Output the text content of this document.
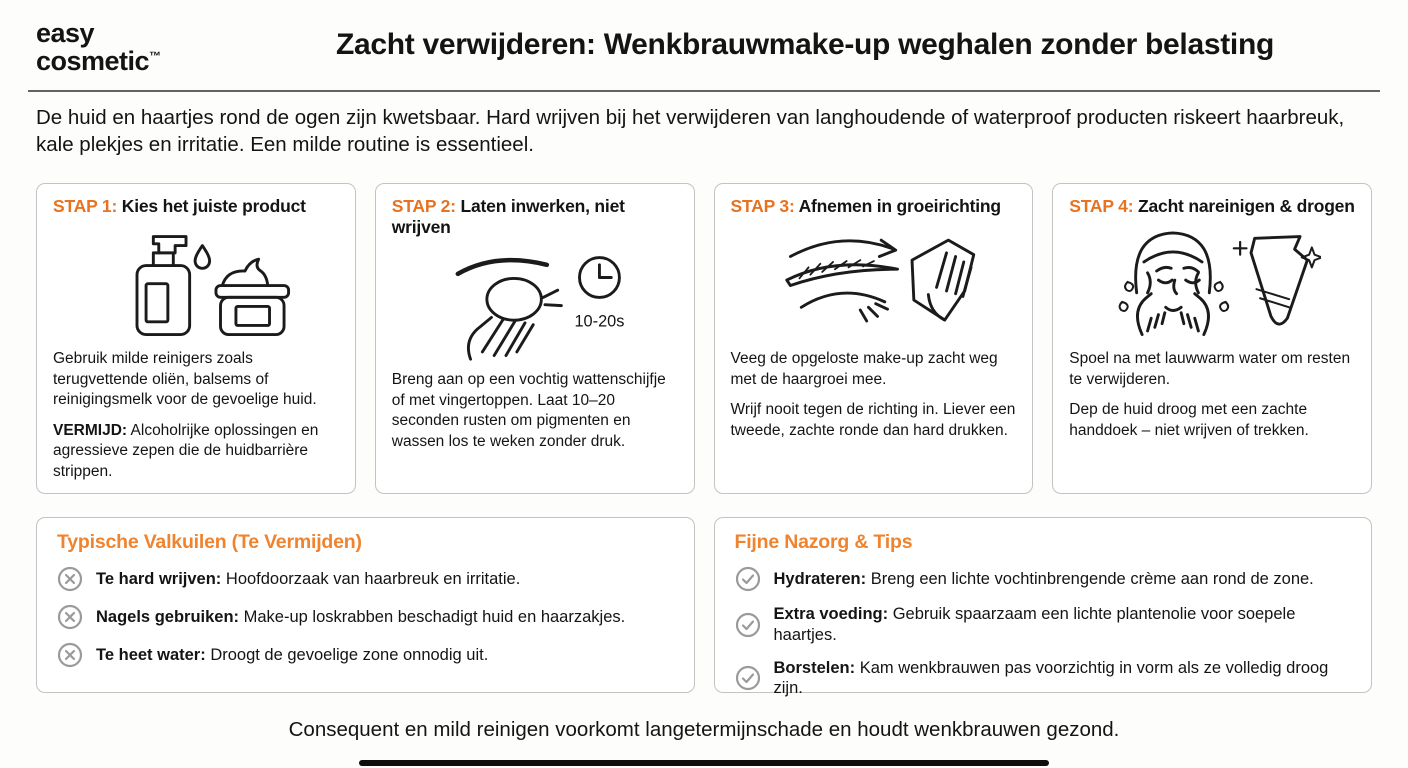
easy
cosmetic™	Zacht verwijderen: Wenkbrauwmake-up weghalen zonder belasting

De huid en haartjes rond de ogen zijn kwetsbaar. Hard wrijven bij het verwijderen van langhoudende of waterproof producten riskeert haarbreuk, kale plekjes en irritatie. Een milde routine is essentieel.

STAP 1: Kies het juiste product

Gebruik milde reinigers zoals terugvettende oliën, balsems of reinigingsmelk voor de gevoelige huid.

VERMIJD: Alcoholrijke oplossingen en agressieve zepen die de huidbarrière strippen.

STAP 2: Laten inwerken, niet wrijven
10-20s

Breng aan op een vochtig wattenschijfje of met vingertoppen. Laat 10–20 seconden rusten om pigmenten en wassen los te weken zonder druk.

STAP 3: Afnemen in groeirichting

Veeg de opgeloste make-up zacht weg met de haargroei mee.

Wrijf nooit tegen de richting in. Liever een tweede, zachte ronde dan hard drukken.

STAP 4: Zacht nareinigen & drogen

Spoel na met lauwwarm water om resten te verwijderen.

Dep de huid droog met een zachte handdoek – niet wrijven of trekken.

Typische Valkuilen (Te Vermijden)

Te hard wrijven: Hoofdoorzaak van haarbreuk en irritatie.

Nagels gebruiken: Make-up loskrabben beschadigt huid en haarzakjes.

Te heet water: Droogt de gevoelige zone onnodig uit.

Fijne Nazorg & Tips

Hydrateren: Breng een lichte vochtinbrengende crème aan rond de zone.

Extra voeding: Gebruik spaarzaam een lichte plantenolie voor soepele haartjes.

Borstelen: Kam wenkbrauwen pas voorzichtig in vorm als ze volledig droog zijn.

Consequent en mild reinigen voorkomt langetermijnschade en houdt wenkbrauwen gezond.
